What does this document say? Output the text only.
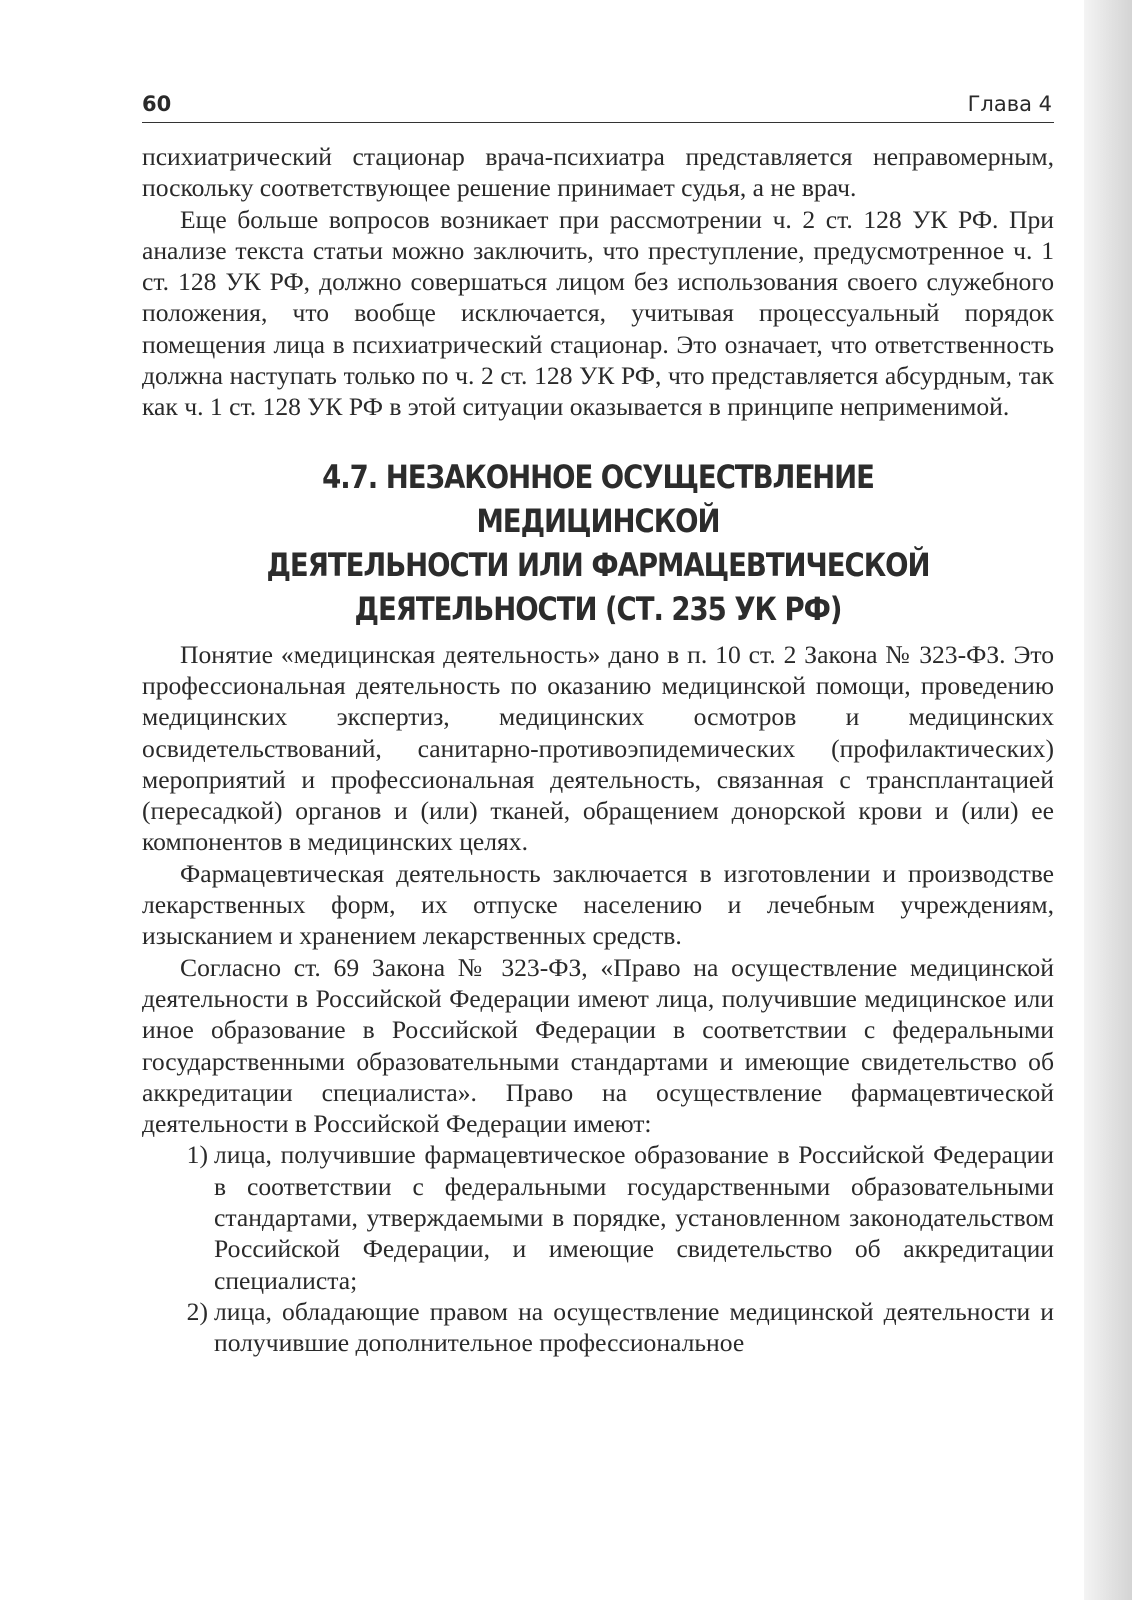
60	Глава 4

психиатрический стационар врача-психиатра представляется неправомерным, поскольку соответствующее решение принимает судья, а не врач.

Еще больше вопросов возникает при рассмотрении ч. 2 ст. 128 УК РФ. При анализе текста статьи можно заключить, что преступление, предусмотренное ч. 1 ст. 128 УК РФ, должно совершаться лицом без использования своего служебного положения, что вообще исключается, учитывая процессуальный порядок помещения лица в психиатрический стационар. Это означает, что ответственность должна наступать только по ч. 2 ст. 128 УК РФ, что представляется абсурдным, так как ч. 1 ст. 128 УК РФ в этой ситуации оказывается в принципе неприменимой.

4.7. НЕЗАКОННОЕ ОСУЩЕСТВЛЕНИЕ МЕДИЦИНСКОЙ
ДЕЯТЕЛЬНОСТИ ИЛИ ФАРМАЦЕВТИЧЕСКОЙ
ДЕЯТЕЛЬНОСТИ (СТ. 235 УК РФ)

Понятие «медицинская деятельность» дано в п. 10 ст. 2 Закона № 323-ФЗ. Это профессиональная деятельность по оказанию медицинской помощи, проведению медицинских экспертиз, медицинских осмотров и медицинских освидетельствований, санитарно-противоэпидемических (профилактических) мероприятий и профессиональная деятельность, связанная с трансплантацией (пересадкой) органов и (или) тканей, обращением донорской крови и (или) ее компонентов в медицинских целях.

Фармацевтическая деятельность заключается в изготовлении и производстве лекарственных форм, их отпуске населению и лечебным учреждениям, изысканием и хранением лекарственных средств.

Согласно ст. 69 Закона № 323-ФЗ, «Право на осуществление медицинской деятельности в Российской Федерации имеют лица, получившие медицинское или иное образование в Российской Федерации в соответствии с федеральными государственными образовательными стандартами и имеющие свидетельство об аккредитации специалиста». Право на осуществление фармацевтической деятельности в Российской Федерации имеют:

1) лица, получившие фармацевтическое образование в Российской Федерации в соответствии с федеральными государственными образовательными стандартами, утверждаемыми в порядке, установленном законодательством Российской Федерации, и имеющие свидетельство об аккредитации специалиста;
2) лица, обладающие правом на осуществление медицинской деятельности и получившие дополнительное профессиональное
